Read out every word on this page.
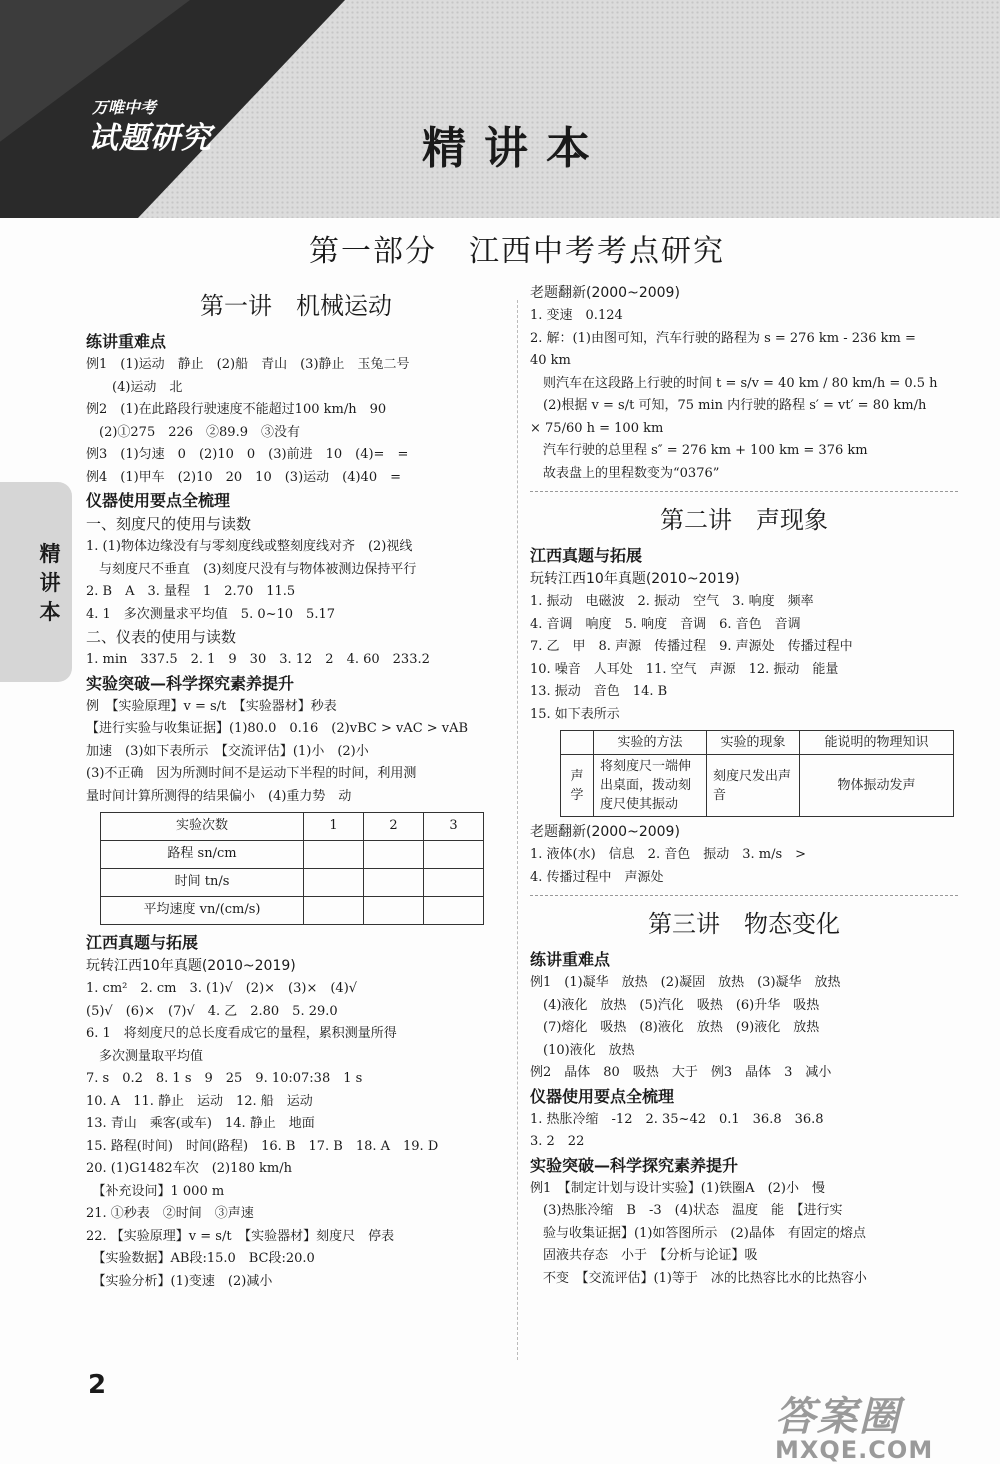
万唯中考
试题研究	精讲本
第一部分　江西中考考点研究
精讲本
第一讲　机械运动
练讲重难点
例1　(1)运动　静止　(2)船　青山　(3)静止　玉兔二号
　　(4)运动　北
例2　(1)在此路段行驶速度不能超过100 km/h　90
　(2)①275　226　②89.9　③没有
例3　(1)匀速　0　(2)10　0　(3)前进　10　(4)=　=
例4　(1)甲车　(2)10　20　10　(3)运动　(4)40　=
仪器使用要点全梳理
一、刻度尺的使用与读数
1. (1)物体边缘没有与零刻度线或整刻度线对齐　(2)视线
　与刻度尺不垂直　(3)刻度尺没有与物体被测边保持平行
2. B　A　3. 量程　1　2.70　11.5
4. 1　多次测量求平均值　5. 0~10　5.17
二、仪表的使用与读数
1. min　337.5　2. 1　9　30　3. 12　2　4. 60　233.2
实验突破—科学探究素养提升
例　【实验原理】v = s/t　【实验器材】秒表
【进行实验与收集证据】(1)80.0　0.16　(2)vBC > vAC > vAB
加速　(3)如下表所示　【交流评估】(1)小　(2)小
(3)不正确　因为所测时间不是运动下半程的时间，利用测
量时间计算所测得的结果偏小　(4)重力势　动
实验次数	1	2	3
路程 sn/cm			
时间 tn/s			
平均速度 vn/(cm/s)			
江西真题与拓展
玩转江西10年真题(2010~2019)
1. cm²　2. cm　3. (1)√　(2)×　(3)×　(4)√
(5)√　(6)×　(7)√　4. 乙　2.80　5. 29.0
6. 1　将刻度尺的总长度看成它的量程，累积测量所得
　多次测量取平均值
7. s　0.2　8. 1 s　9　25　9. 10:07:38　1 s
10. A　11. 静止　运动　12. 船　运动
13. 青山　乘客(或车)　14. 静止　地面
15. 路程(时间)　时间(路程)　16. B　17. B　18. A　19. D
20. (1)G1482车次　(2)180 km/h
　【补充设问】1 000 m
21. ①秒表　②时间　③声速
22. 【实验原理】v = s/t　【实验器材】刻度尺　停表
　【实验数据】AB段:15.0　BC段:20.0
　【实验分析】(1)变速　(2)减小
老题翻新(2000~2009)
1. 变速　0.124
2. 解：(1)由图可知，汽车行驶的路程为 s = 276 km - 236 km =
40 km
　则汽车在这段路上行驶的时间 t = s/v = 40 km / 80 km/h = 0.5 h
　(2)根据 v = s/t 可知，75 min 内行驶的路程 s′ = vt′ = 80 km/h
× 75/60 h = 100 km
　汽车行驶的总里程 s″ = 276 km + 100 km = 376 km
　故表盘上的里程数变为“0376”
第二讲　声现象
江西真题与拓展
玩转江西10年真题(2010~2019)
1. 振动　电磁波　2. 振动　空气　3. 响度　频率
4. 音调　响度　5. 响度　音调　6. 音色　音调
7. 乙　甲　8. 声源　传播过程　9. 声源处　传播过程中
10. 噪音　人耳处　11. 空气　声源　12. 振动　能量
13. 振动　音色　14. B
15. 如下表所示
	实验的方法	实验的现象	能说明的物理知识
声学	将刻度尺一端伸出桌面，拨动刻度尺使其振动	刻度尺发出声音	物体振动发声
老题翻新(2000~2009)
1. 液体(水)　信息　2. 音色　振动　3. m/s　>
4. 传播过程中　声源处
第三讲　物态变化
练讲重难点
例1　(1)凝华　放热　(2)凝固　放热　(3)凝华　放热
　(4)液化　放热　(5)汽化　吸热　(6)升华　吸热
　(7)熔化　吸热　(8)液化　放热　(9)液化　放热
　(10)液化　放热
例2　晶体　80　吸热　大于　例3　晶体　3　减小
仪器使用要点全梳理
1. 热胀冷缩　-12　2. 35~42　0.1　36.8　36.8
3. 2　22
实验突破—科学探究素养提升
例1　【制定计划与设计实验】(1)铁圈A　(2)小　慢
　(3)热胀冷缩　B　-3　(4)状态　温度　能　【进行实
　验与收集证据】(1)如答图所示　(2)晶体　有固定的熔点
　固液共存态　小于　【分析与论证】吸
　不变　【交流评估】(1)等于　冰的比热容比水的比热容小
2
答案圈
MXQE.COM
